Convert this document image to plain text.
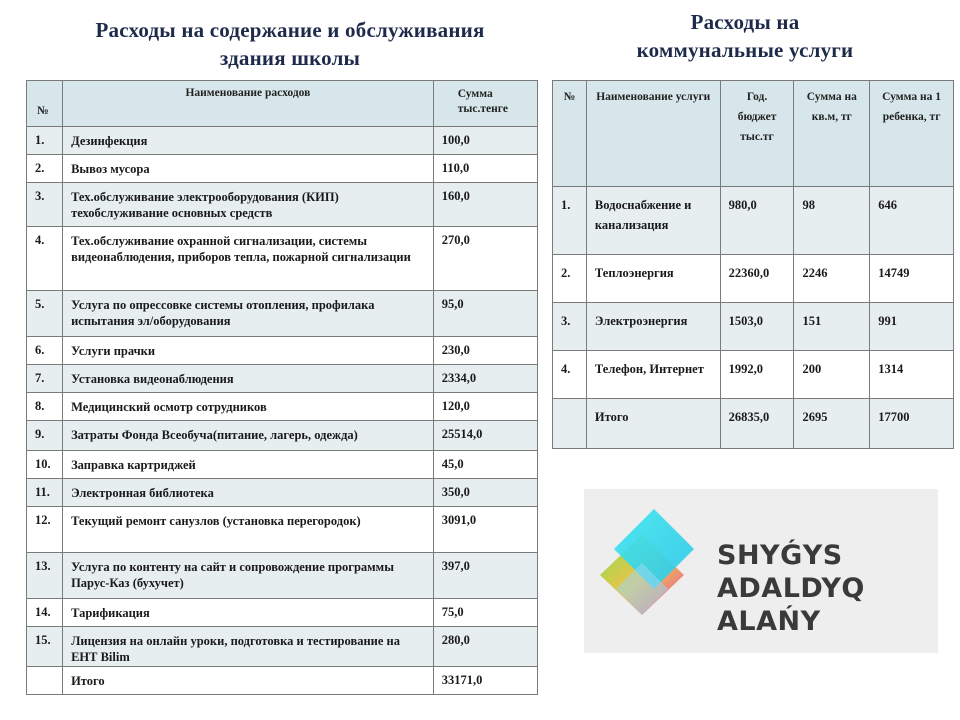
Расходы на содержание и обслуживания
здания школы
Расходы на
коммунальные услуги
№	Наименование расходов	Сумма тыс.тенге
1.	Дезинфекция	100,0
2.	Вывоз мусора	110,0
3.	Тех.обслуживание электрооборудования (КИП) техобслуживание основных средств	160,0
4.	Тех.обслуживание охранной сигнализации, системы видеонаблюдения, приборов тепла, пожарной сигнализации	270,0
5.	Услуга по опрессовке системы отопления, профилака испытания эл/оборудования	95,0
6.	Услуги прачки	230,0
7.	Установка видеонаблюдения	2334,0
8.	Медицинский осмотр сотрудников	120,0
9.	Затраты Фонда Всеобуча(питание, лагерь, одежда)	25514,0
10.	Заправка картриджей	45,0
11.	Электронная библиотека	350,0
12.	Текущий ремонт санузлов (установка перегородок)	3091,0
13.	Услуга по контенту на сайт и сопровождение программы Парус-Каз (бухучет)	397,0
14.	Тарификация	75,0
15.	Лицензия на онлайн уроки, подготовка и тестирование на ЕНТ Bilim	280,0
	Итого	33171,0
№	Наименование услуги	Год. бюджет тыс.тг	Сумма на кв.м, тг	Сумма на 1 ребенка, тг
1.	Водоснабжение и канализация	980,0	98	646
2.	Теплоэнергия	22360,0	2246	14749
3.	Электроэнергия	1503,0	151	991
4.	Телефон, Интернет	1992,0	200	1314
	Итого	26835,0	2695	17700
SHYǴYS
ADALDYQ ALAŃY
